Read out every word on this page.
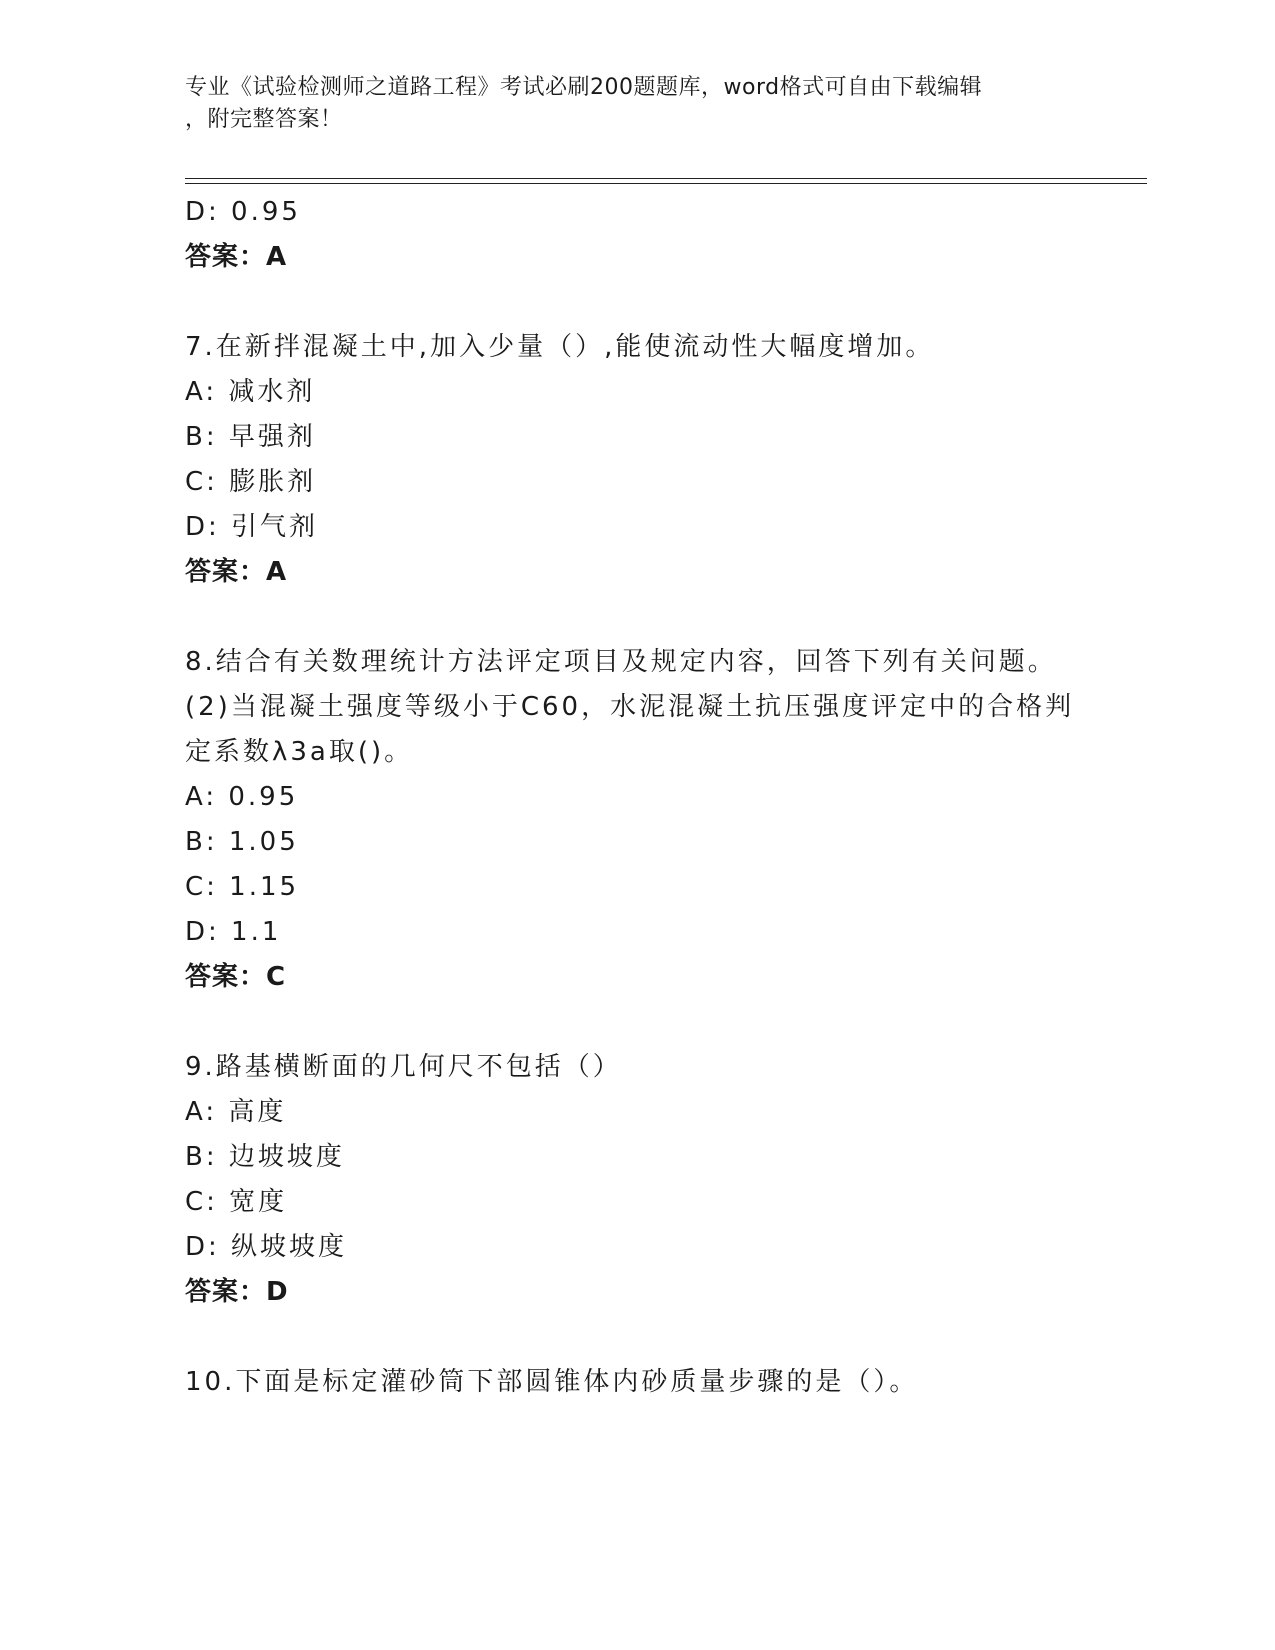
专业《试验检测师之道路工程》考试必刷200题题库，word格式可自由下载编辑
，附完整答案！
D: 0.95
答案：A
7.在新拌混凝土中,加入少量（）,能使流动性大幅度增加。
A: 减水剂
B: 早强剂
C: 膨胀剂
D: 引气剂
答案：A
8.结合有关数理统计方法评定项目及规定内容，回答下列有关问题。
(2)当混凝土强度等级小于C60，水泥混凝土抗压强度评定中的合格判
定系数λ3a取()。
A: 0.95
B: 1.05
C: 1.15
D: 1.1
答案：C
9.路基横断面的几何尺不包括（）
A: 高度
B: 边坡坡度
C: 宽度
D: 纵坡坡度
答案：D
10.下面是标定灌砂筒下部圆锥体内砂质量步骤的是（）。
